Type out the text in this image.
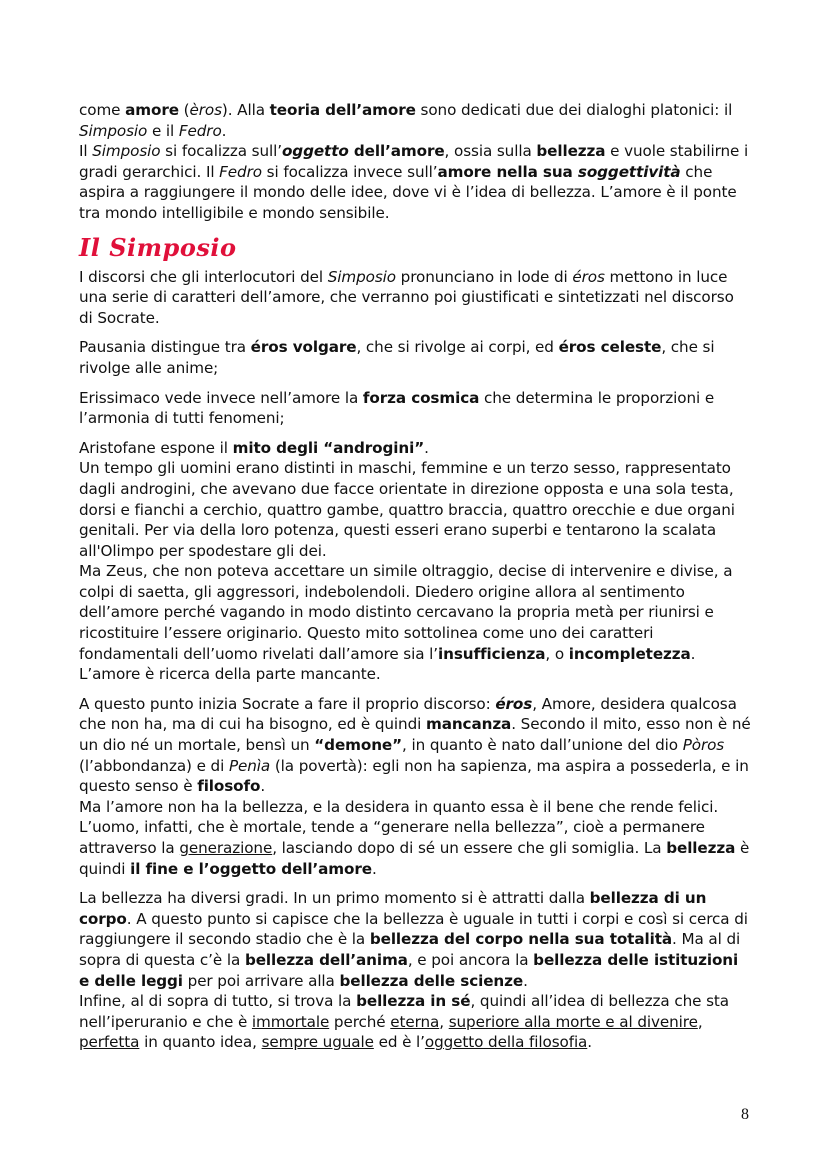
come amore (èros). Alla teoria dell’amore sono dedicati due dei dialoghi platonici: il Simposio e il Fedro.
Il Simposio si focalizza sull’oggetto dell’amore, ossia sulla bellezza e vuole stabilirne i gradi gerarchici. Il Fedro si focalizza invece sull’amore nella sua soggettività che aspira a raggiungere il mondo delle idee, dove vi è l’idea di bellezza. L’amore è il ponte tra mondo intelligibile e mondo sensibile.

Il Simposio

I discorsi che gli interlocutori del Simposio pronunciano in lode di éros mettono in luce una serie di caratteri dell’amore, che verranno poi giustificati e sintetizzati nel discorso di Socrate.

Pausania distingue tra éros volgare, che si rivolge ai corpi, ed éros celeste, che si rivolge alle anime;

Erissimaco vede invece nell’amore la forza cosmica che determina le proporzioni e l’armonia di tutti fenomeni;

Aristofane espone il mito degli “androgini”.
Un tempo gli uomini erano distinti in maschi, femmine e un terzo sesso, rappresentato dagli androgini, che avevano due facce orientate in direzione opposta e una sola testa, dorsi e fianchi a cerchio, quattro gambe, quattro braccia, quattro orecchie e due organi genitali. Per via della loro potenza, questi esseri erano superbi e tentarono la scalata all'Olimpo per spodestare gli dei.
Ma Zeus, che non poteva accettare un simile oltraggio, decise di intervenire e divise, a colpi di saetta, gli aggressori, indebolendoli. Diedero origine allora al sentimento dell’amore perché vagando in modo distinto cercavano la propria metà per riunirsi e ricostituire l’essere originario. Questo mito sottolinea come uno dei caratteri fondamentali dell’uomo rivelati dall’amore sia l’insufficienza, o incompletezza. L’amore è ricerca della parte mancante.

A questo punto inizia Socrate a fare il proprio discorso: éros, Amore, desidera qualcosa che non ha, ma di cui ha bisogno, ed è quindi mancanza. Secondo il mito, esso non è né un dio né un mortale, bensì un “demone”, in quanto è nato dall’unione del dio Pòros (l’abbondanza) e di Penìa (la povertà): egli non ha sapienza, ma aspira a possederla, e in questo senso è filosofo.
Ma l’amore non ha la bellezza, e la desidera in quanto essa è il bene che rende felici. L’uomo, infatti, che è mortale, tende a “generare nella bellezza”, cioè a permanere attraverso la generazione, lasciando dopo di sé un essere che gli somiglia. La bellezza è quindi il fine e l’oggetto dell’amore.

La bellezza ha diversi gradi. In un primo momento si è attratti dalla bellezza di un corpo. A questo punto si capisce che la bellezza è uguale in tutti i corpi e così si cerca di raggiungere il secondo stadio che è la bellezza del corpo nella sua totalità. Ma al di sopra di questa c’è la bellezza dell’anima, e poi ancora la bellezza delle istituzioni e delle leggi per poi arrivare alla bellezza delle scienze.
Infine, al di sopra di tutto, si trova la bellezza in sé, quindi all’idea di bellezza che sta nell’iperuranio e che è immortale perché eterna, superiore alla morte e al divenire, perfetta in quanto idea, sempre uguale ed è l’oggetto della filosofia.

8
